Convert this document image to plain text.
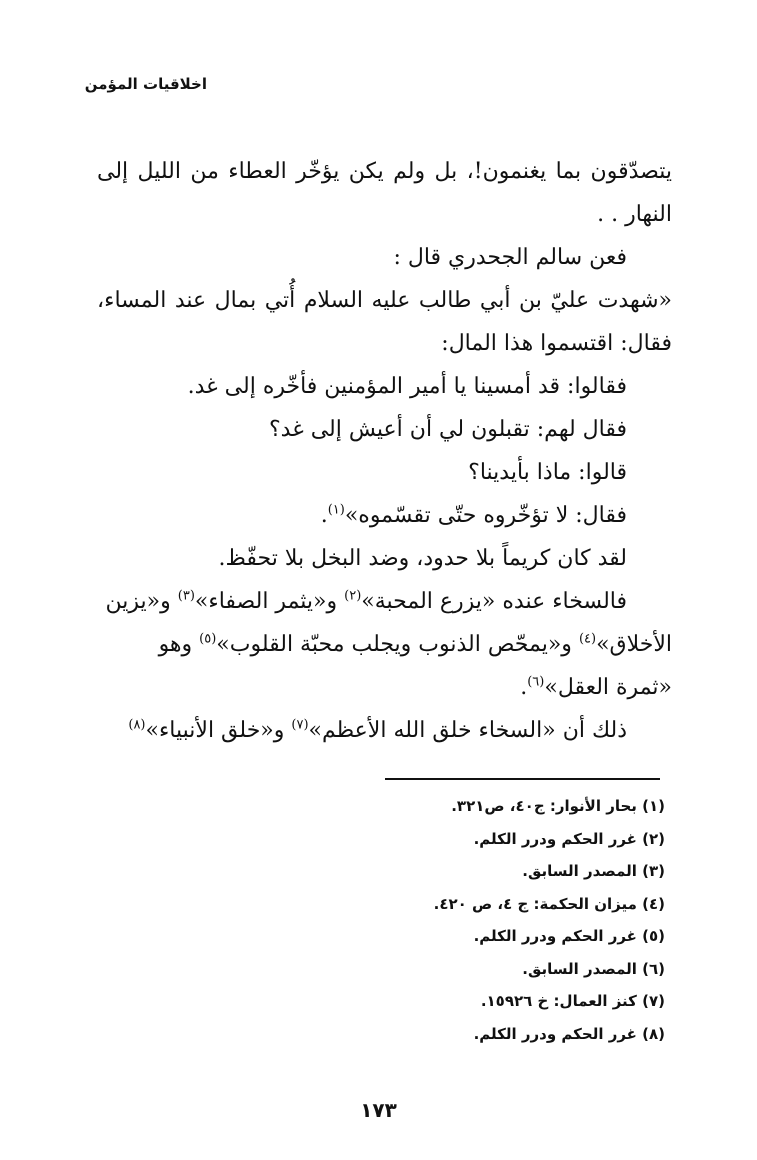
اخلاقيات المؤمن
يتصدّقون بما يغنمون!، بل ولم يكن يؤخّر العطاء من الليل إلى
النهار . .
فعن سالم الجحدري قال :
«شهدت عليّ بن أبي طالب عليه السلام أُتي بمال عند المساء،
فقال: اقتسموا هذا المال:
فقالوا: قد أمسينا يا أمير المؤمنين فأخّره إلى غد.
فقال لهم: تقبلون لي أن أعيش إلى غد؟
قالوا: ماذا بأيدينا؟
فقال: لا تؤخّروه حتّى تقسّموه»$^{(١)}$.
لقد كان كريماً بلا حدود، وضد البخل بلا تحفّظ.
فالسخاء عنده «يزرع المحبة»$^{(٢)}$ و«يثمر الصفاء»$^{(٣)}$ و«يزين
الأخلاق»$^{(٤)}$ و«يمحّص الذنوب ويجلب محبّة القلوب»$^{(٥)}$ وهو
«ثمرة العقل»$^{(٦)}$.
ذلك أن «السخاء خلق الله الأعظم»$^{(٧)}$ و«خلق الأنبياء»$^{(٨)}$
(١) بحار الأنوار: ج٤٠، ص٣٢١.
(٢) غرر الحكم ودرر الكلم.
(٣) المصدر السابق.
(٤) ميزان الحكمة: ج ٤، ص ٤٢٠.
(٥) غرر الحكم ودرر الكلم.
(٦) المصدر السابق.
(٧) كنز العمال: خ ١٥٩٢٦.
(٨) غرر الحكم ودرر الكلم.
١٧٣
